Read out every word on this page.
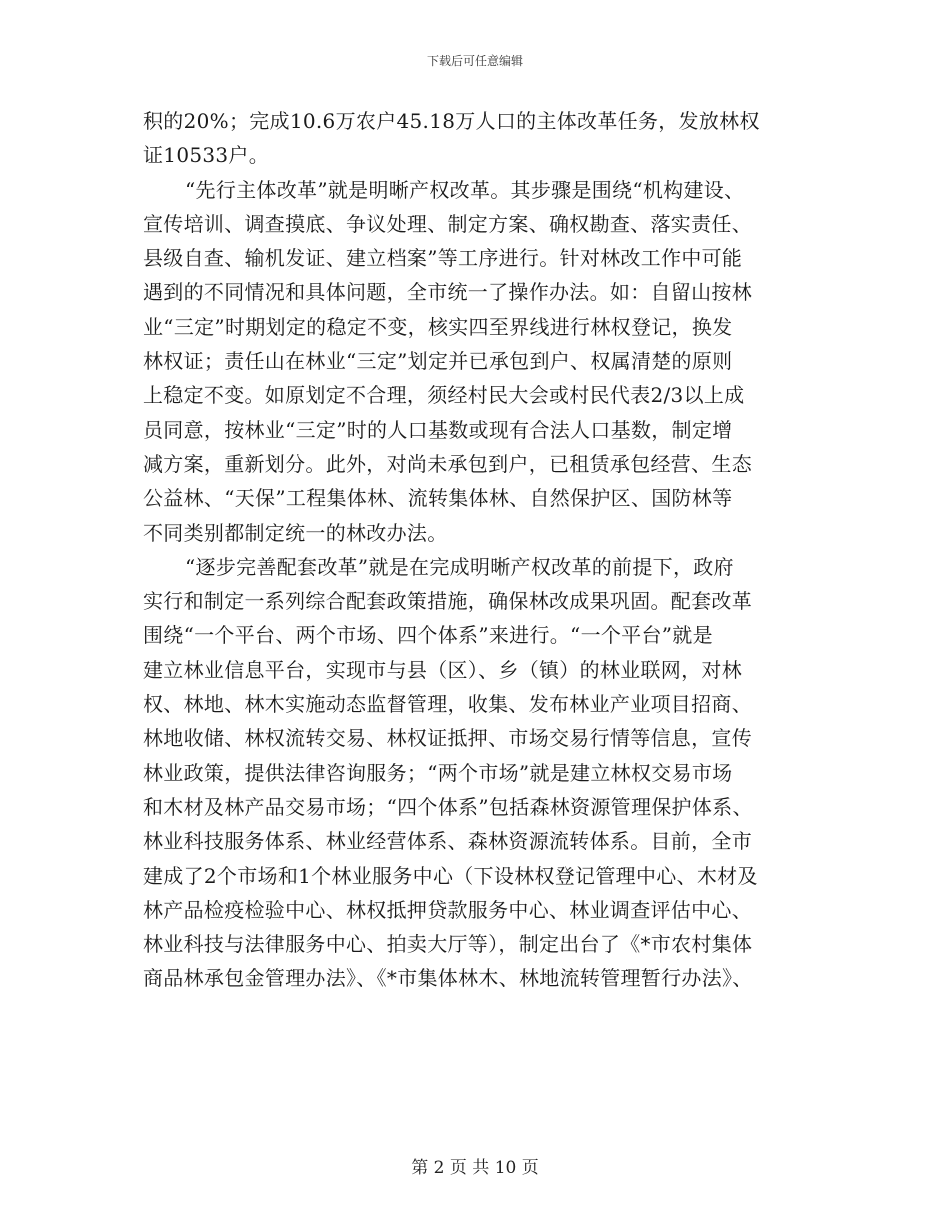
下载后可任意编辑
积的20%；完成10.6万农户45.18万人口的主体改革任务，发放林权
证10533户。
“先行主体改革”就是明晰产权改革。其步骤是围绕“机构建设、
宣传培训、调查摸底、争议处理、制定方案、确权勘查、落实责任、
县级自查、输机发证、建立档案”等工序进行。针对林改工作中可能
遇到的不同情况和具体问题，全市统一了操作办法。如：自留山按林
业“三定”时期划定的稳定不变，核实四至界线进行林权登记，换发
林权证；责任山在林业“三定”划定并已承包到户、权属清楚的原则
上稳定不变。如原划定不合理，须经村民大会或村民代表2/3以上成
员同意，按林业“三定”时的人口基数或现有合法人口基数，制定增
减方案，重新划分。此外，对尚未承包到户，已租赁承包经营、生态
公益林、“天保”工程集体林、流转集体林、自然保护区、国防林等
不同类别都制定统一的林改办法。
“逐步完善配套改革”就是在完成明晰产权改革的前提下，政府
实行和制定一系列综合配套政策措施，确保林改成果巩固。配套改革
围绕“一个平台、两个市场、四个体系”来进行。“一个平台”就是
建立林业信息平台，实现市与县（区）、乡（镇）的林业联网，对林
权、林地、林木实施动态监督管理，收集、发布林业产业项目招商、
林地收储、林权流转交易、林权证抵押、市场交易行情等信息，宣传
林业政策，提供法律咨询服务；“两个市场”就是建立林权交易市场
和木材及林产品交易市场；“四个体系”包括森林资源管理保护体系、
林业科技服务体系、林业经营体系、森林资源流转体系。目前，全市
建成了2个市场和1个林业服务中心（下设林权登记管理中心、木材及
林产品检疫检验中心、林权抵押贷款服务中心、林业调查评估中心、
林业科技与法律服务中心、拍卖大厅等），制定出台了《*市农村集体
商品林承包金管理办法》、《*市集体林木、林地流转管理暂行办法》、
第 2 页 共 10 页
